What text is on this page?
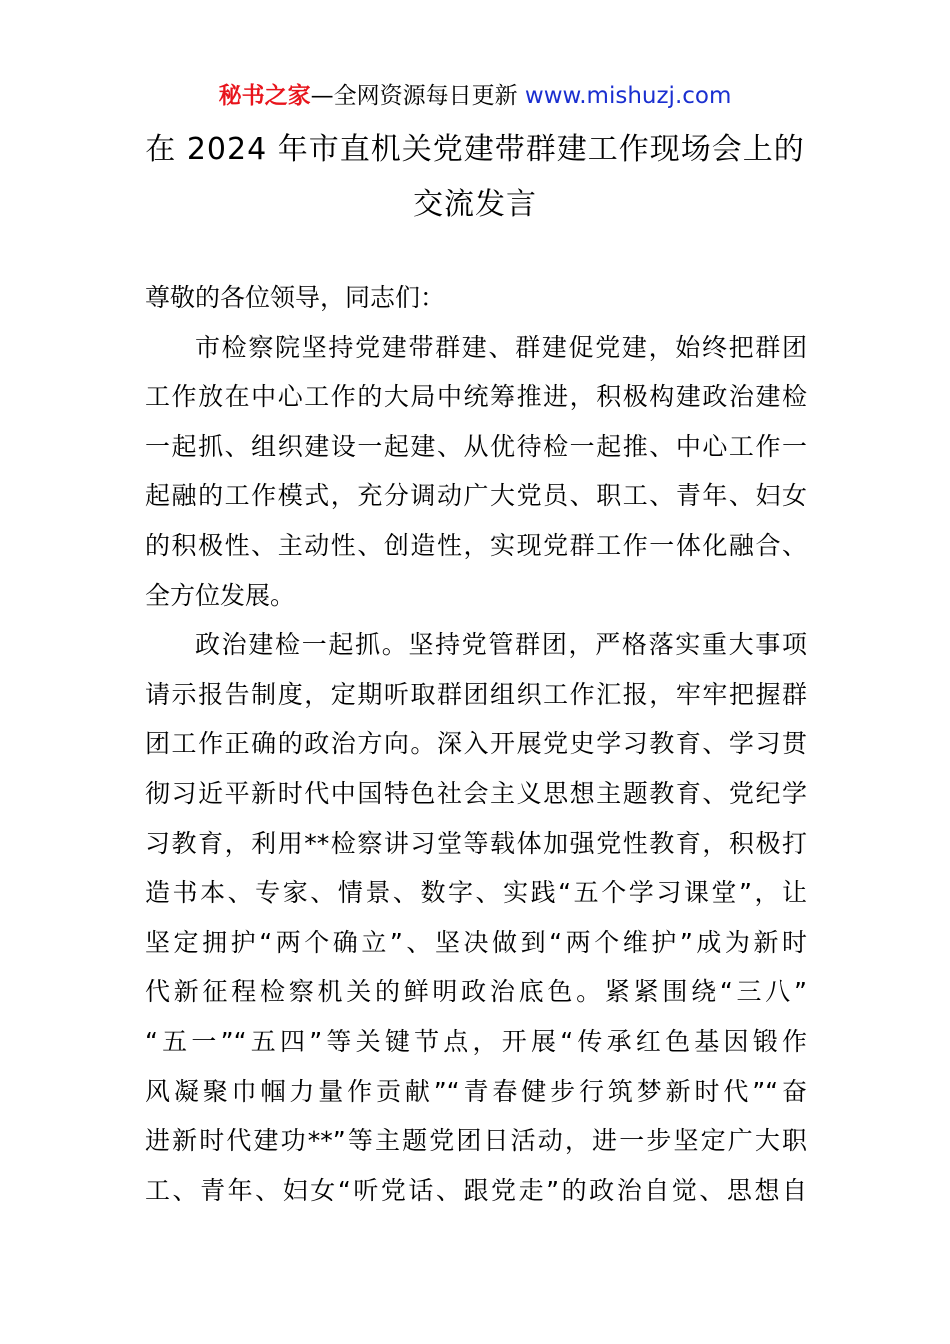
秘书之家—全网资源每日更新 www.mishuzj.com
在 2024 年市直机关党建带群建工作现场会上的
交流发言
尊敬的各位领导，同志们：
市检察院坚持党建带群建、群建促党建，始终把群团
工作放在中心工作的大局中统筹推进，积极构建政治建检
一起抓、组织建设一起建、从优待检一起推、中心工作一
起融的工作模式，充分调动广大党员、职工、青年、妇女
的积极性、主动性、创造性，实现党群工作一体化融合、
全方位发展。
政治建检一起抓。坚持党管群团，严格落实重大事项
请示报告制度，定期听取群团组织工作汇报，牢牢把握群
团工作正确的政治方向。深入开展党史学习教育、学习贯
彻习近平新时代中国特色社会主义思想主题教育、党纪学
习教育，利用**检察讲习堂等载体加强党性教育，积极打
造书本、专家、情景、数字、实践“五个学习课堂”，让
坚定拥护“两个确立”、坚决做到“两个维护”成为新时
代新征程检察机关的鲜明政治底色。紧紧围绕“三八”
“五一”“五四”等关键节点，开展“传承红色基因锻作
风凝聚巾帼力量作贡献”“青春健步行筑梦新时代”“奋
进新时代建功**”等主题党团日活动，进一步坚定广大职
工、青年、妇女“听党话、跟党走”的政治自觉、思想自
